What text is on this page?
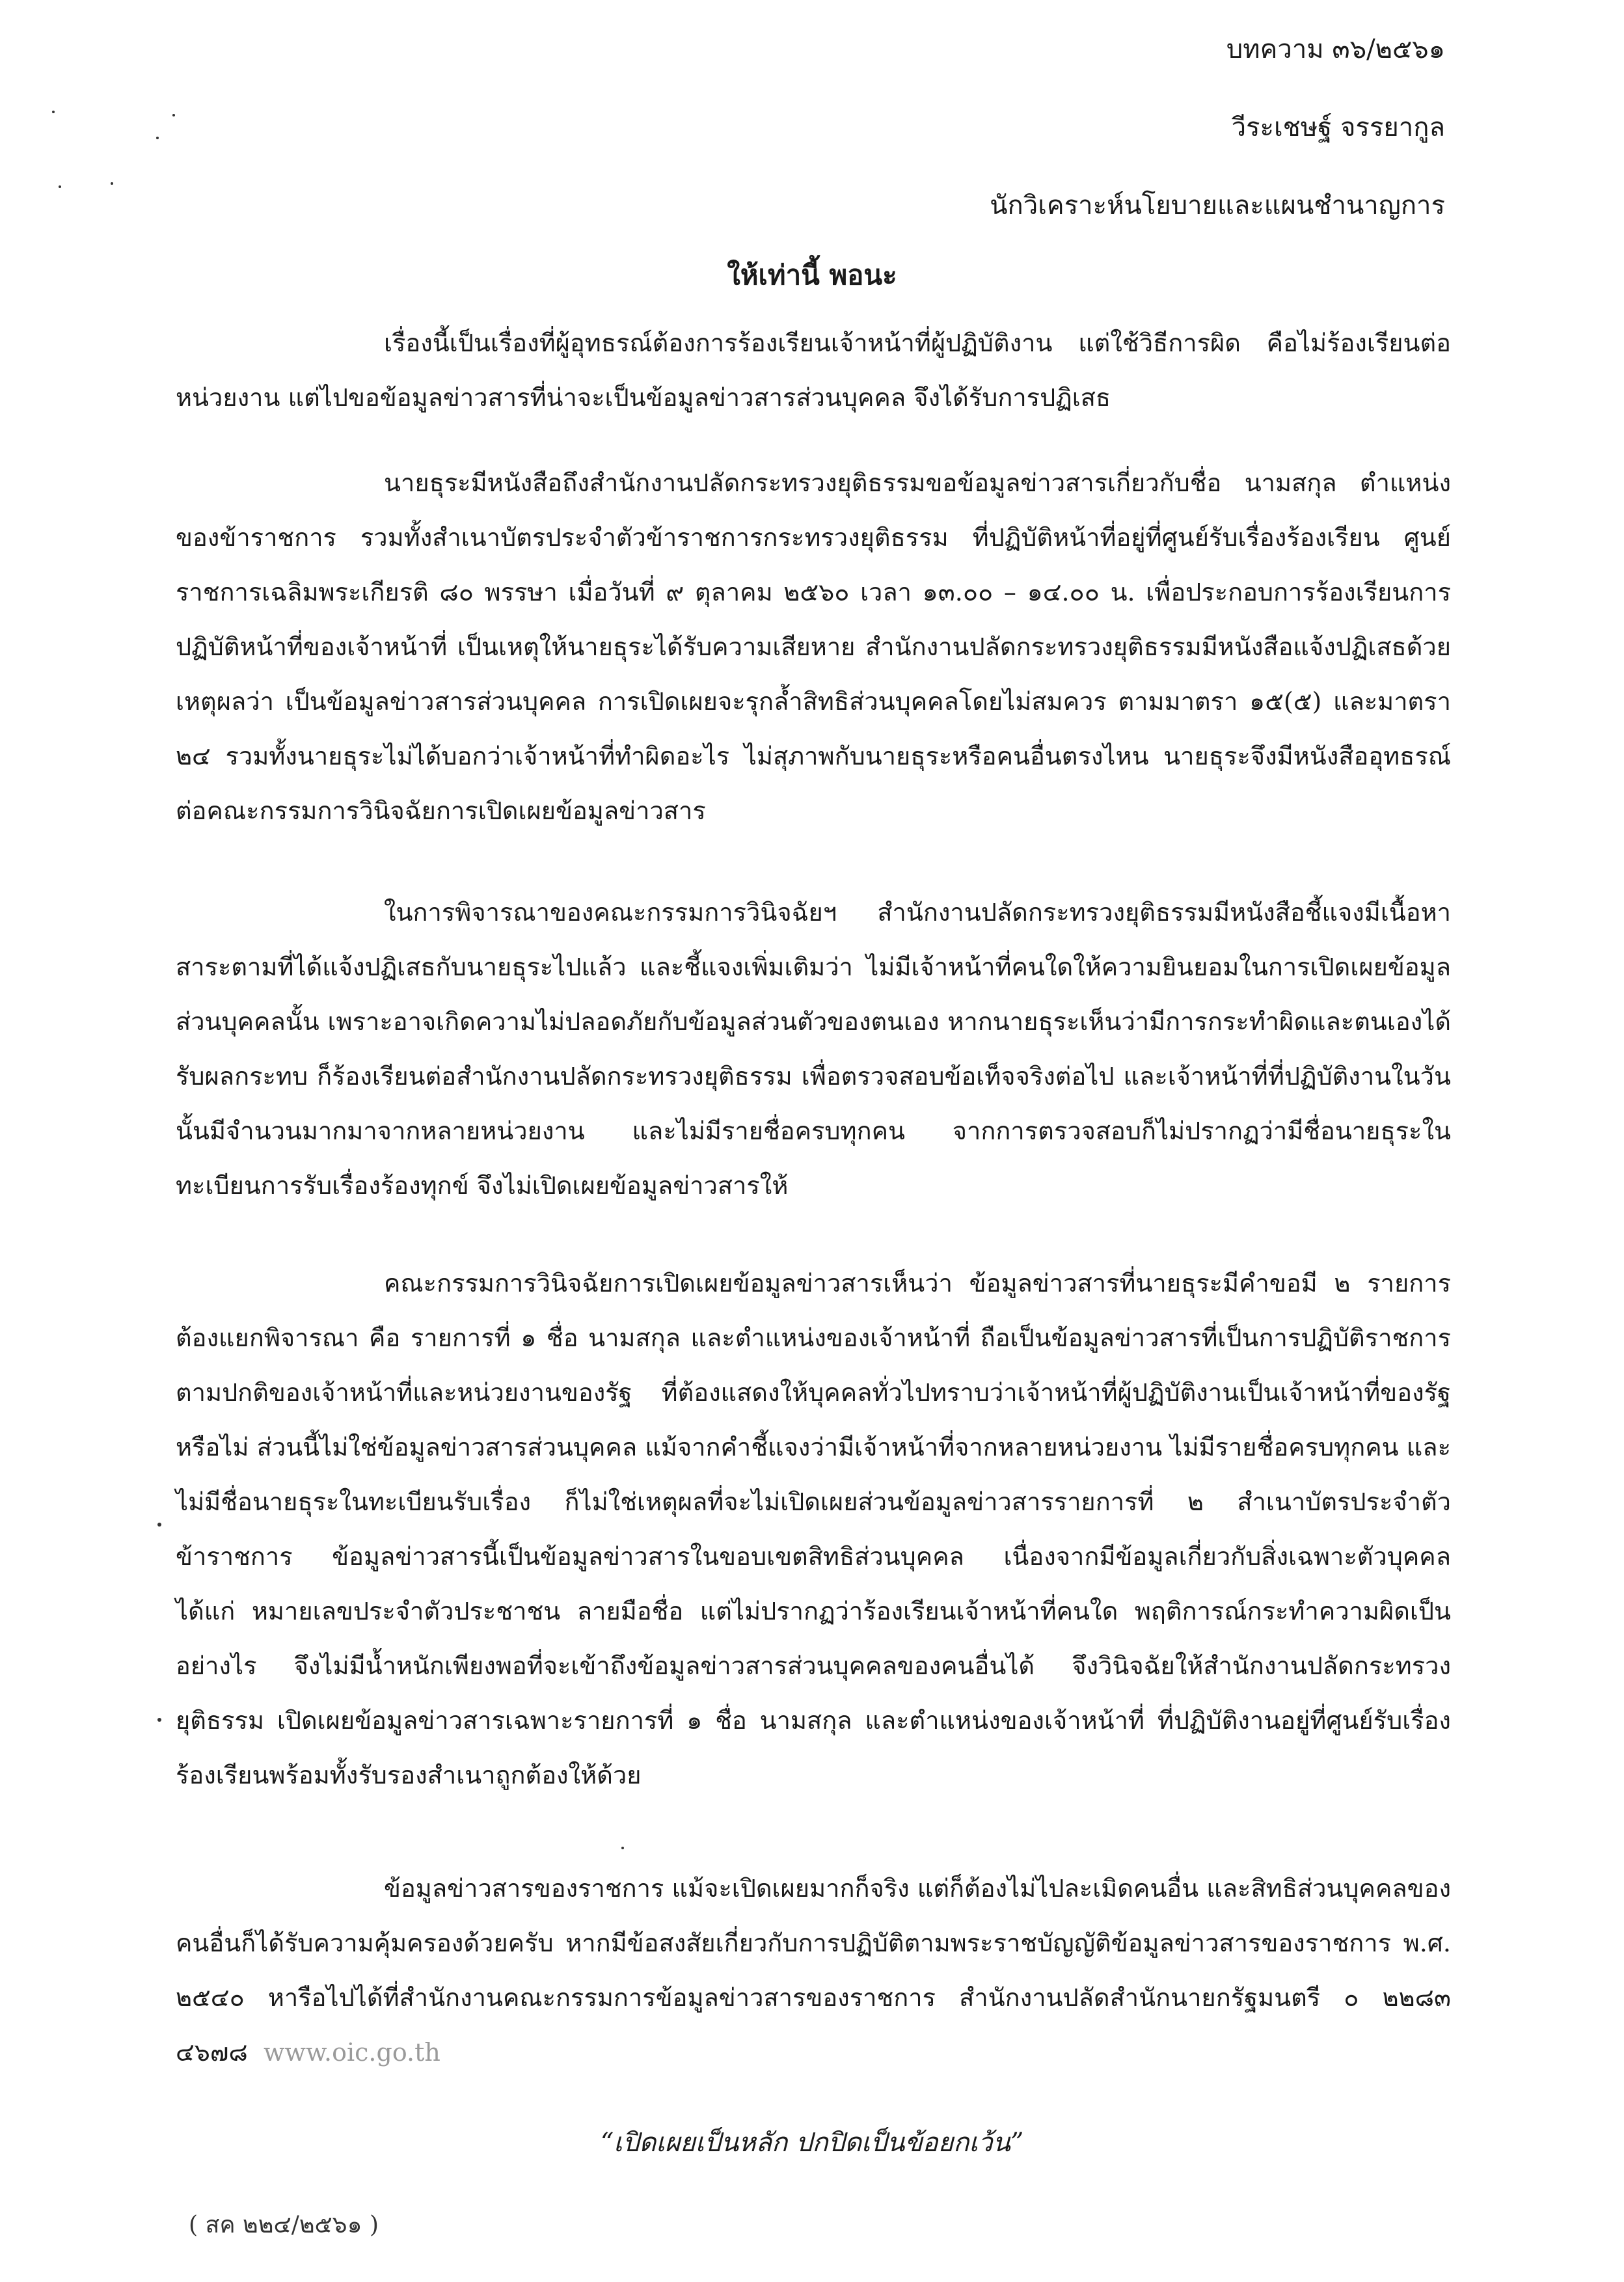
บทความ ๓๖/๒๕๖๑
วีระเชษฐ์ จรรยากูล
นักวิเคราะห์นโยบายและแผนชำนาญการ
ให้เท่านี้ พอนะ

เรื่องนี้เป็นเรื่องที่ผู้อุทธรณ์ต้องการร้องเรียนเจ้าหน้าที่ผู้ปฏิบัติงาน แต่ใช้วิธีการผิด คือไม่ร้องเรียนต่อหน่วยงาน แต่ไปขอข้อมูลข่าวสารที่น่าจะเป็นข้อมูลข่าวสารส่วนบุคคล จึงได้รับการปฏิเสธ

นายธุระมีหนังสือถึงสำนักงานปลัดกระทรวงยุติธรรมขอข้อมูลข่าวสารเกี่ยวกับชื่อ นามสกุล ตำแหน่งของข้าราชการ รวมทั้งสำเนาบัตรประจำตัวข้าราชการกระทรวงยุติธรรม ที่ปฏิบัติหน้าที่อยู่ที่ศูนย์รับเรื่องร้องเรียน ศูนย์ราชการเฉลิมพระเกียรติ ๘๐ พรรษา เมื่อวันที่ ๙ ตุลาคม ๒๕๖๐ เวลา ๑๓.๐๐ – ๑๔.๐๐ น. เพื่อประกอบการร้องเรียนการปฏิบัติหน้าที่ของเจ้าหน้าที่ เป็นเหตุให้นายธุระได้รับความเสียหาย สำนักงานปลัดกระทรวงยุติธรรมมีหนังสือแจ้งปฏิเสธด้วยเหตุผลว่า เป็นข้อมูลข่าวสารส่วนบุคคล การเปิดเผยจะรุกล้ำสิทธิส่วนบุคคลโดยไม่สมควร ตามมาตรา ๑๕(๕) และมาตรา ๒๔ รวมทั้งนายธุระไม่ได้บอกว่าเจ้าหน้าที่ทำผิดอะไร ไม่สุภาพกับนายธุระหรือคนอื่นตรงไหน นายธุระจึงมีหนังสืออุทธรณ์ต่อคณะกรรมการวินิจฉัยการเปิดเผยข้อมูลข่าวสาร

ในการพิจารณาของคณะกรรมการวินิจฉัยฯ สำนักงานปลัดกระทรวงยุติธรรมมีหนังสือชี้แจงมีเนื้อหาสาระตามที่ได้แจ้งปฏิเสธกับนายธุระไปแล้ว และชี้แจงเพิ่มเติมว่า ไม่มีเจ้าหน้าที่คนใดให้ความยินยอมในการเปิดเผยข้อมูลส่วนบุคคลนั้น เพราะอาจเกิดความไม่ปลอดภัยกับข้อมูลส่วนตัวของตนเอง หากนายธุระเห็นว่ามีการกระทำผิดและตนเองได้รับผลกระทบ ก็ร้องเรียนต่อสำนักงานปลัดกระทรวงยุติธรรม เพื่อตรวจสอบข้อเท็จจริงต่อไป และเจ้าหน้าที่ที่ปฏิบัติงานในวันนั้นมีจำนวนมากมาจากหลายหน่วยงาน และไม่มีรายชื่อครบทุกคน จากการตรวจสอบก็ไม่ปรากฏว่ามีชื่อนายธุระในทะเบียนการรับเรื่องร้องทุกข์ จึงไม่เปิดเผยข้อมูลข่าวสารให้

คณะกรรมการวินิจฉัยการเปิดเผยข้อมูลข่าวสารเห็นว่า ข้อมูลข่าวสารที่นายธุระมีคำขอมี ๒ รายการต้องแยกพิจารณา คือ รายการที่ ๑ ชื่อ นามสกุล และตำแหน่งของเจ้าหน้าที่ ถือเป็นข้อมูลข่าวสารที่เป็นการปฏิบัติราชการตามปกติของเจ้าหน้าที่และหน่วยงานของรัฐ ที่ต้องแสดงให้บุคคลทั่วไปทราบว่าเจ้าหน้าที่ผู้ปฏิบัติงานเป็นเจ้าหน้าที่ของรัฐหรือไม่ ส่วนนี้ไม่ใช่ข้อมูลข่าวสารส่วนบุคคล แม้จากคำชี้แจงว่ามีเจ้าหน้าที่จากหลายหน่วยงาน ไม่มีรายชื่อครบทุกคน และไม่มีชื่อนายธุระในทะเบียนรับเรื่อง ก็ไม่ใช่เหตุผลที่จะไม่เปิดเผยส่วนข้อมูลข่าวสารรายการที่ ๒ สำเนาบัตรประจำตัวข้าราชการ ข้อมูลข่าวสารนี้เป็นข้อมูลข่าวสารในขอบเขตสิทธิส่วนบุคคล เนื่องจากมีข้อมูลเกี่ยวกับสิ่งเฉพาะตัวบุคคล ได้แก่ หมายเลขประจำตัวประชาชน ลายมือชื่อ แต่ไม่ปรากฏว่าร้องเรียนเจ้าหน้าที่คนใด พฤติการณ์กระทำความผิดเป็นอย่างไร จึงไม่มีน้ำหนักเพียงพอที่จะเข้าถึงข้อมูลข่าวสารส่วนบุคคลของคนอื่นได้ จึงวินิจฉัยให้สำนักงานปลัดกระทรวงยุติธรรม เปิดเผยข้อมูลข่าวสารเฉพาะรายการที่ ๑ ชื่อ นามสกุล และตำแหน่งของเจ้าหน้าที่ ที่ปฏิบัติงานอยู่ที่ศูนย์รับเรื่องร้องเรียนพร้อมทั้งรับรองสำเนาถูกต้องให้ด้วย

ข้อมูลข่าวสารของราชการ แม้จะเปิดเผยมากก็จริง แต่ก็ต้องไม่ไปละเมิดคนอื่น และสิทธิส่วนบุคคลของคนอื่นก็ได้รับความคุ้มครองด้วยครับ หากมีข้อสงสัยเกี่ยวกับการปฏิบัติตามพระราชบัญญัติข้อมูลข่าวสารของราชการ พ.ศ. ๒๕๔๐ หารือไปได้ที่สำนักงานคณะกรรมการข้อมูลข่าวสารของราชการ สำนักงานปลัดสำนักนายกรัฐมนตรี ๐ ๒๒๘๓ ๔๖๗๘ www.oic.go.th

“เปิดเผยเป็นหลัก ปกปิดเป็นข้อยกเว้น”
( สค ๒๒๔/๒๕๖๑ )
